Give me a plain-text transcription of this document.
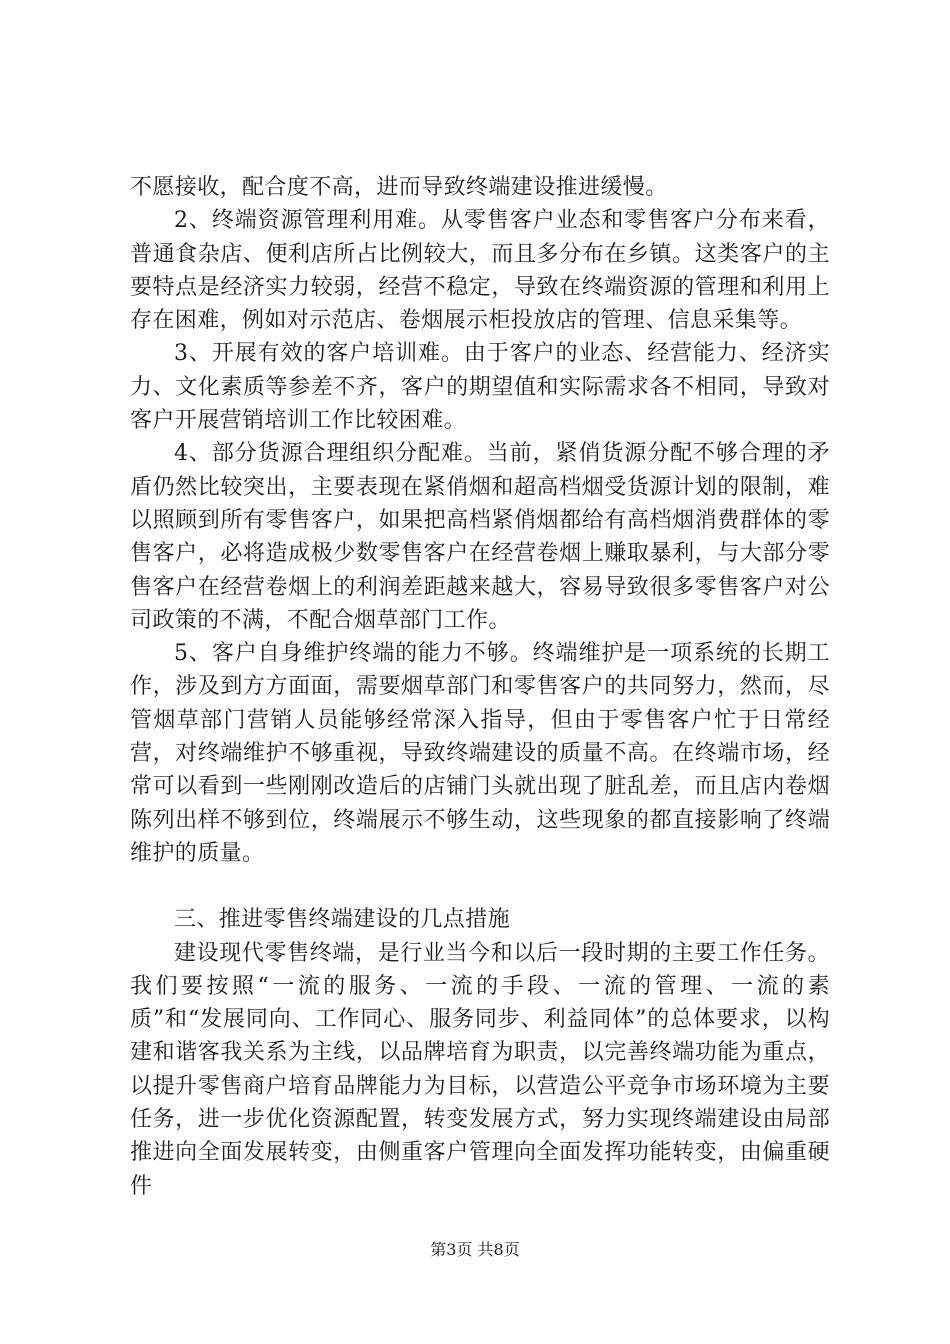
不愿接收，配合度不高，进而导致终端建设推进缓慢。

2、终端资源管理利用难。从零售客户业态和零售客户分布来看，普通食杂店、便利店所占比例较大，而且多分布在乡镇。这类客户的主要特点是经济实力较弱，经营不稳定，导致在终端资源的管理和利用上存在困难，例如对示范店、卷烟展示柜投放店的管理、信息采集等。

3、开展有效的客户培训难。由于客户的业态、经营能力、经济实力、文化素质等参差不齐，客户的期望值和实际需求各不相同，导致对客户开展营销培训工作比较困难。

4、部分货源合理组织分配难。当前，紧俏货源分配不够合理的矛盾仍然比较突出，主要表现在紧俏烟和超高档烟受货源计划的限制，难以照顾到所有零售客户，如果把高档紧俏烟都给有高档烟消费群体的零售客户，必将造成极少数零售客户在经营卷烟上赚取暴利，与大部分零售客户在经营卷烟上的利润差距越来越大，容易导致很多零售客户对公司政策的不满，不配合烟草部门工作。

5、客户自身维护终端的能力不够。终端维护是一项系统的长期工作，涉及到方方面面，需要烟草部门和零售客户的共同努力，然而，尽管烟草部门营销人员能够经常深入指导，但由于零售客户忙于日常经营，对终端维护不够重视，导致终端建设的质量不高。在终端市场，经常可以看到一些刚刚改造后的店铺门头就出现了脏乱差，而且店内卷烟陈列出样不够到位，终端展示不够生动，这些现象的都直接影响了终端维护的质量。

三、推进零售终端建设的几点措施

建设现代零售终端，是行业当今和以后一段时期的主要工作任务。我们要按照“一流的服务、一流的手段、一流的管理、一流的素质”和“发展同向、工作同心、服务同步、利益同体”的总体要求，以构建和谐客我关系为主线，以品牌培育为职责，以完善终端功能为重点，以提升零售商户培育品牌能力为目标，以营造公平竞争市场环境为主要任务，进一步优化资源配置，转变发展方式，努力实现终端建设由局部推进向全面发展转变，由侧重客户管理向全面发挥功能转变，由偏重硬件

第3页 共8页
